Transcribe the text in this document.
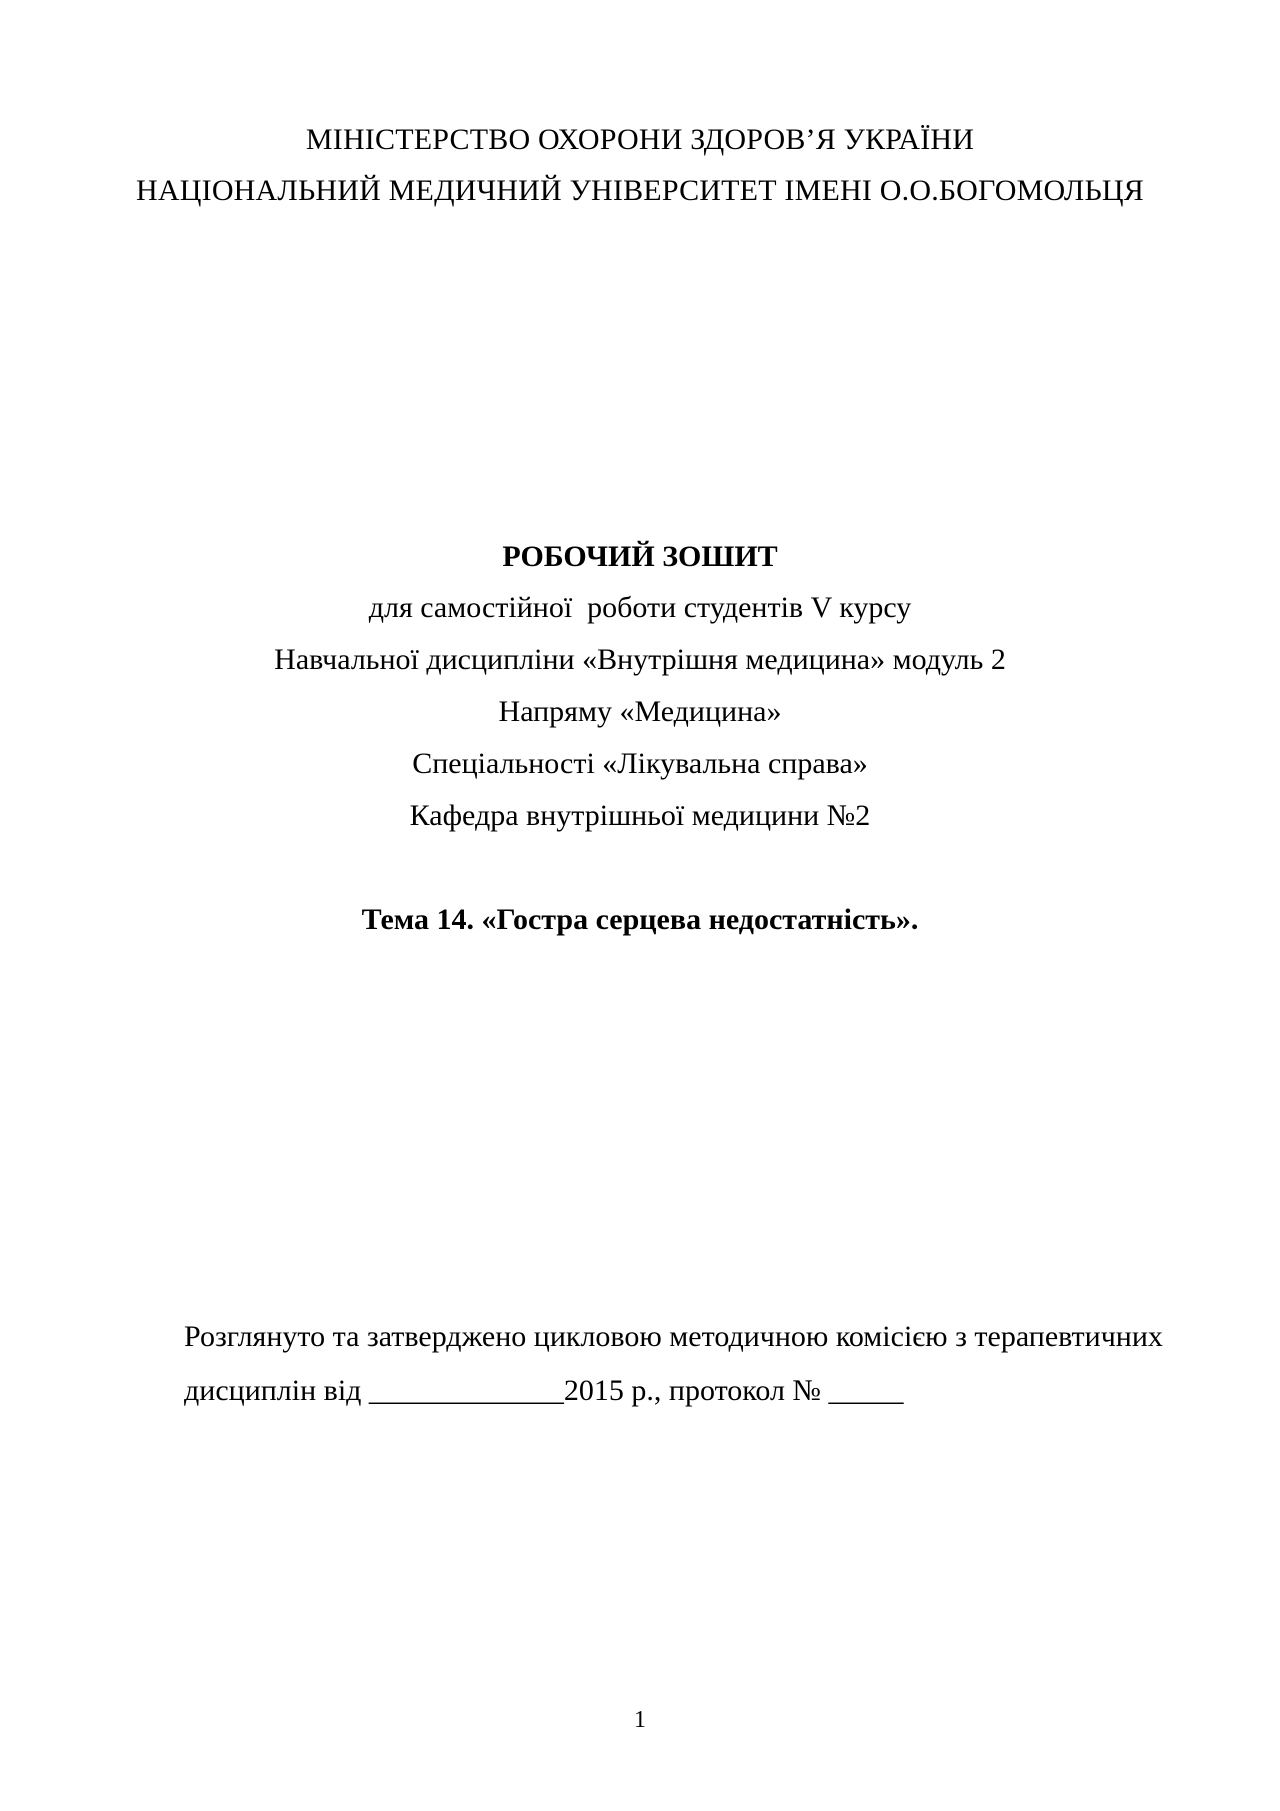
МІНІСТЕРСТВО ОХОРОНИ ЗДОРОВ’Я УКРАЇНИ
НАЦІОНАЛЬНИЙ МЕДИЧНИЙ УНІВЕРСИТЕТ ІМЕНІ О.О.БОГОМОЛЬЦЯ
РОБОЧИЙ ЗОШИТ
для самостійної  роботи студентів V курсу
Навчальної дисципліни «Внутрішня медицина» модуль 2
Напряму «Медицина»
Спеціальності «Лікувальна справа»
Кафедра внутрішньої медицини №2
Тема 14. «Гостра серцева недостатність».
Розглянуто та затверджено цикловою методичною комісією з терапевтичних
дисциплін від _____________2015 р., протокол № _____
1
